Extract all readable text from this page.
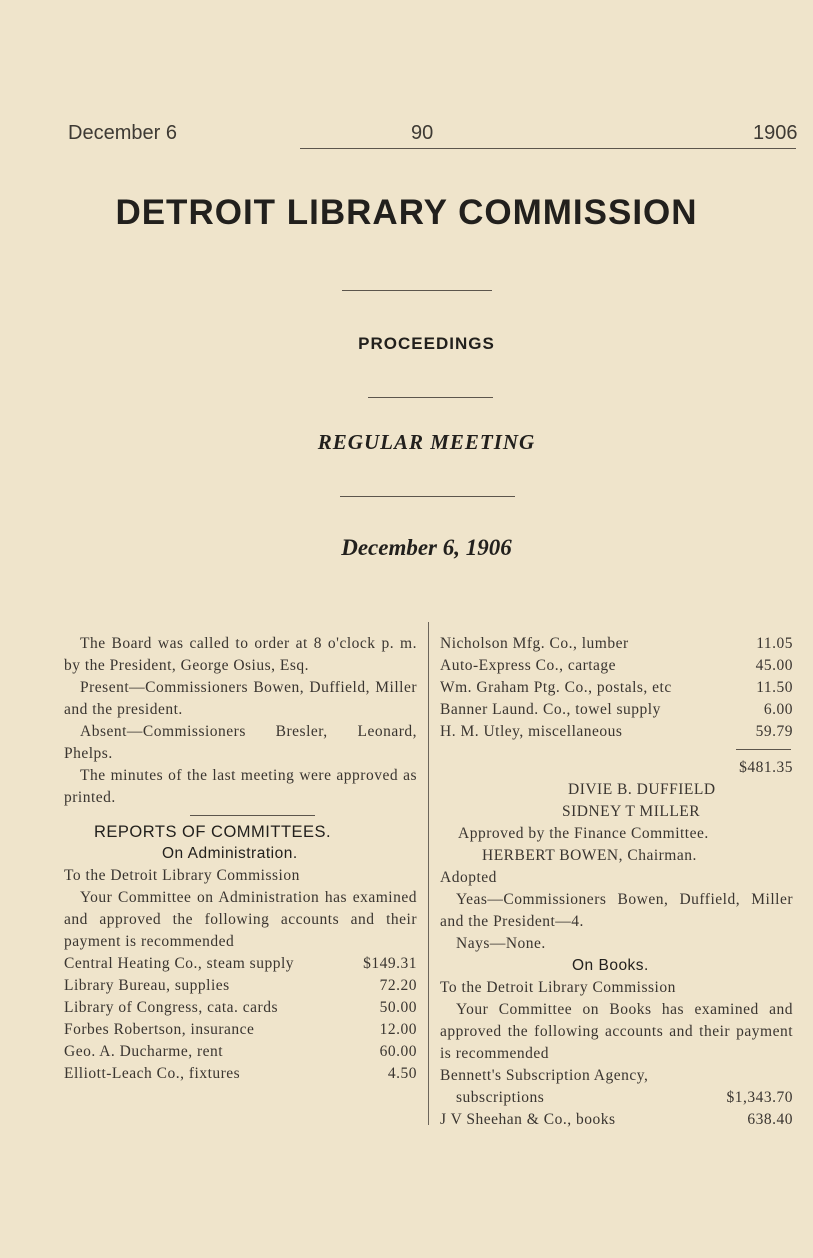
December 6	90	1906
DETROIT LIBRARY COMMISSION
PROCEEDINGS
REGULAR MEETING
December 6, 1906

The Board was called to order at 8 o'clock p. m. by the President, George Osius, Esq.

Present—Commissioners Bowen, Duffield, Miller and the president.

Absent—Commissioners Bresler, Leonard, Phelps.

The minutes of the last meeting were approved as printed.

REPORTS OF COMMITTEES.

On Administration.

To the Detroit Library Commission

Your Committee on Administration has examined and approved the following accounts and their payment is recommended

Central Heating Co., steam supply	$149.31
Library Bureau, supplies	72.20
Library of Congress, cata. cards	50.00
Forbes Robertson, insurance	12.00
Geo. A. Ducharme, rent	60.00
Elliott-Leach Co., fixtures	4.50
Nicholson Mfg. Co., lumber	11.05
Auto-Express Co., cartage	45.00
Wm. Graham Ptg. Co., postals, etc	11.50
Banner Laund. Co., towel supply	6.00
H. M. Utley, miscellaneous	59.79

$481.35

DIVIE B. DUFFIELD

SIDNEY T MILLER

Approved by the Finance Committee.

HERBERT BOWEN, Chairman.

Adopted

Yeas—Commissioners Bowen, Duffield, Miller and the President—4.

Nays—None.

On Books.

To the Detroit Library Commission

Your Committee on Books has examined and approved the following accounts and their payment is recommended

Bennett's Subscription Agency,

subscriptions	$1,343.70
J V Sheehan & Co., books	638.40
